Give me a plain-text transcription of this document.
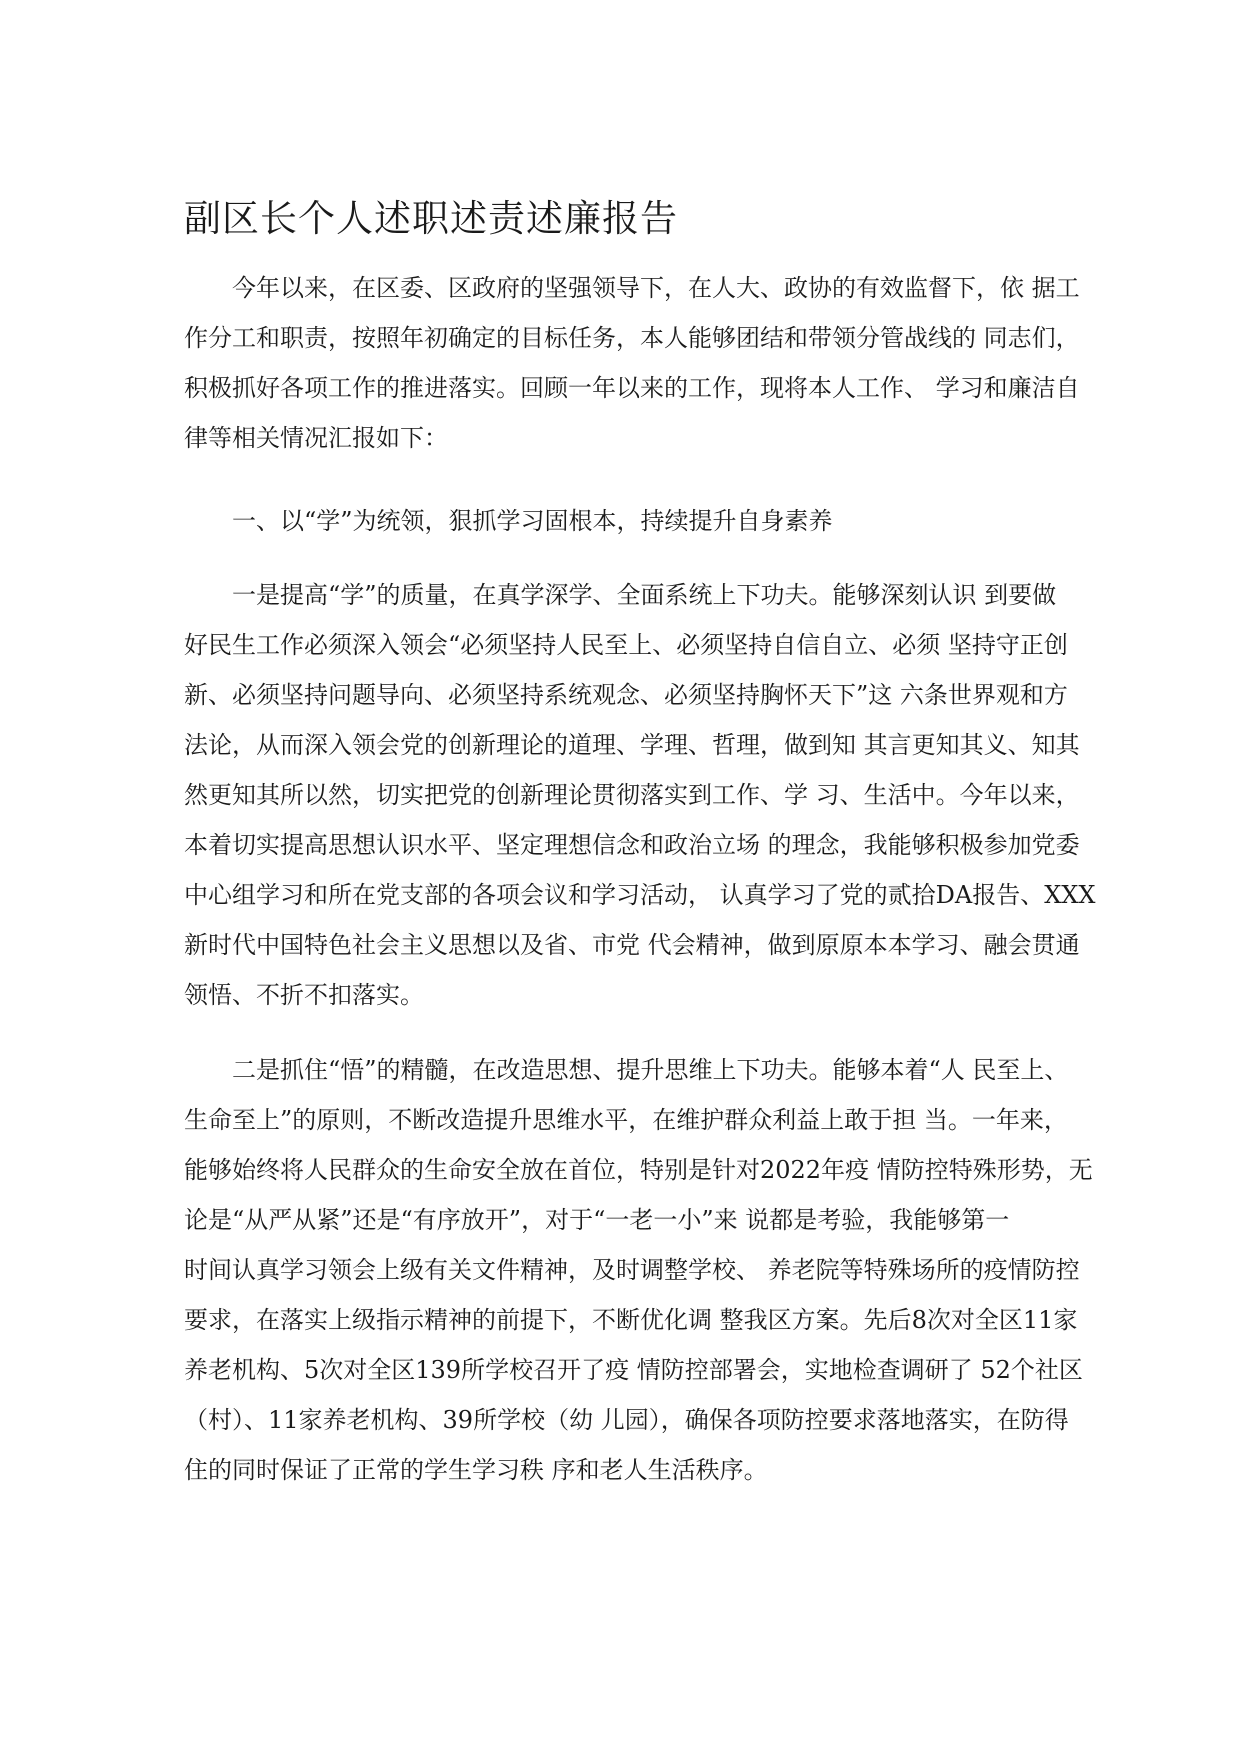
副区长个人述职述责述廉报告
今年以来，在区委、区政府的坚强领导下，在人大、政协的有效监督下，依 据工
作分工和职责，按照年初确定的目标任务，本人能够团结和带领分管战线的 同志们，
积极抓好各项工作的推进落实。回顾一年以来的工作，现将本人工作、 学习和廉洁自
律等相关情况汇报如下：
一、以“学”为统领，狠抓学习固根本，持续提升自身素养
一是提高“学”的质量，在真学深学、全面系统上下功夫。能够深刻认识 到要做
好民生工作必须深入领会“必须坚持人民至上、必须坚持自信自立、必须 坚持守正创
新、必须坚持问题导向、必须坚持系统观念、必须坚持胸怀天下”这 六条世界观和方
法论，从而深入领会党的创新理论的道理、学理、哲理，做到知 其言更知其义、知其
然更知其所以然，切实把党的创新理论贯彻落实到工作、学 习、生活中。今年以来，
本着切实提高思想认识水平、坚定理想信念和政治立场 的理念，我能够积极参加党委
中心组学习和所在党支部的各项会议和学习活动， 认真学习了党的贰拾DA报告、XXX
新时代中国特色社会主义思想以及省、市党 代会精神，做到原原本本学习、融会贯通
领悟、不折不扣落实。
二是抓住“悟”的精髓，在改造思想、提升思维上下功夫。能够本着“人 民至上、
生命至上”的原则，不断改造提升思维水平，在维护群众利益上敢于担 当。一年来，
能够始终将人民群众的生命安全放在首位，特别是针对2022年疫 情防控特殊形势，无
论是“从严从紧”还是“有序放开”，对于“一老一小”来 说都是考验，我能够第一
时间认真学习领会上级有关文件精神，及时调整学校、 养老院等特殊场所的疫情防控
要求，在落实上级指示精神的前提下，不断优化调 整我区方案。先后8次对全区11家
养老机构、5次对全区139所学校召开了疫 情防控部署会，实地检查调研了 52个社区
（村）、11家养老机构、39所学校（幼 儿园），确保各项防控要求落地落实，在防得
住的同时保证了正常的学生学习秩 序和老人生活秩序。
